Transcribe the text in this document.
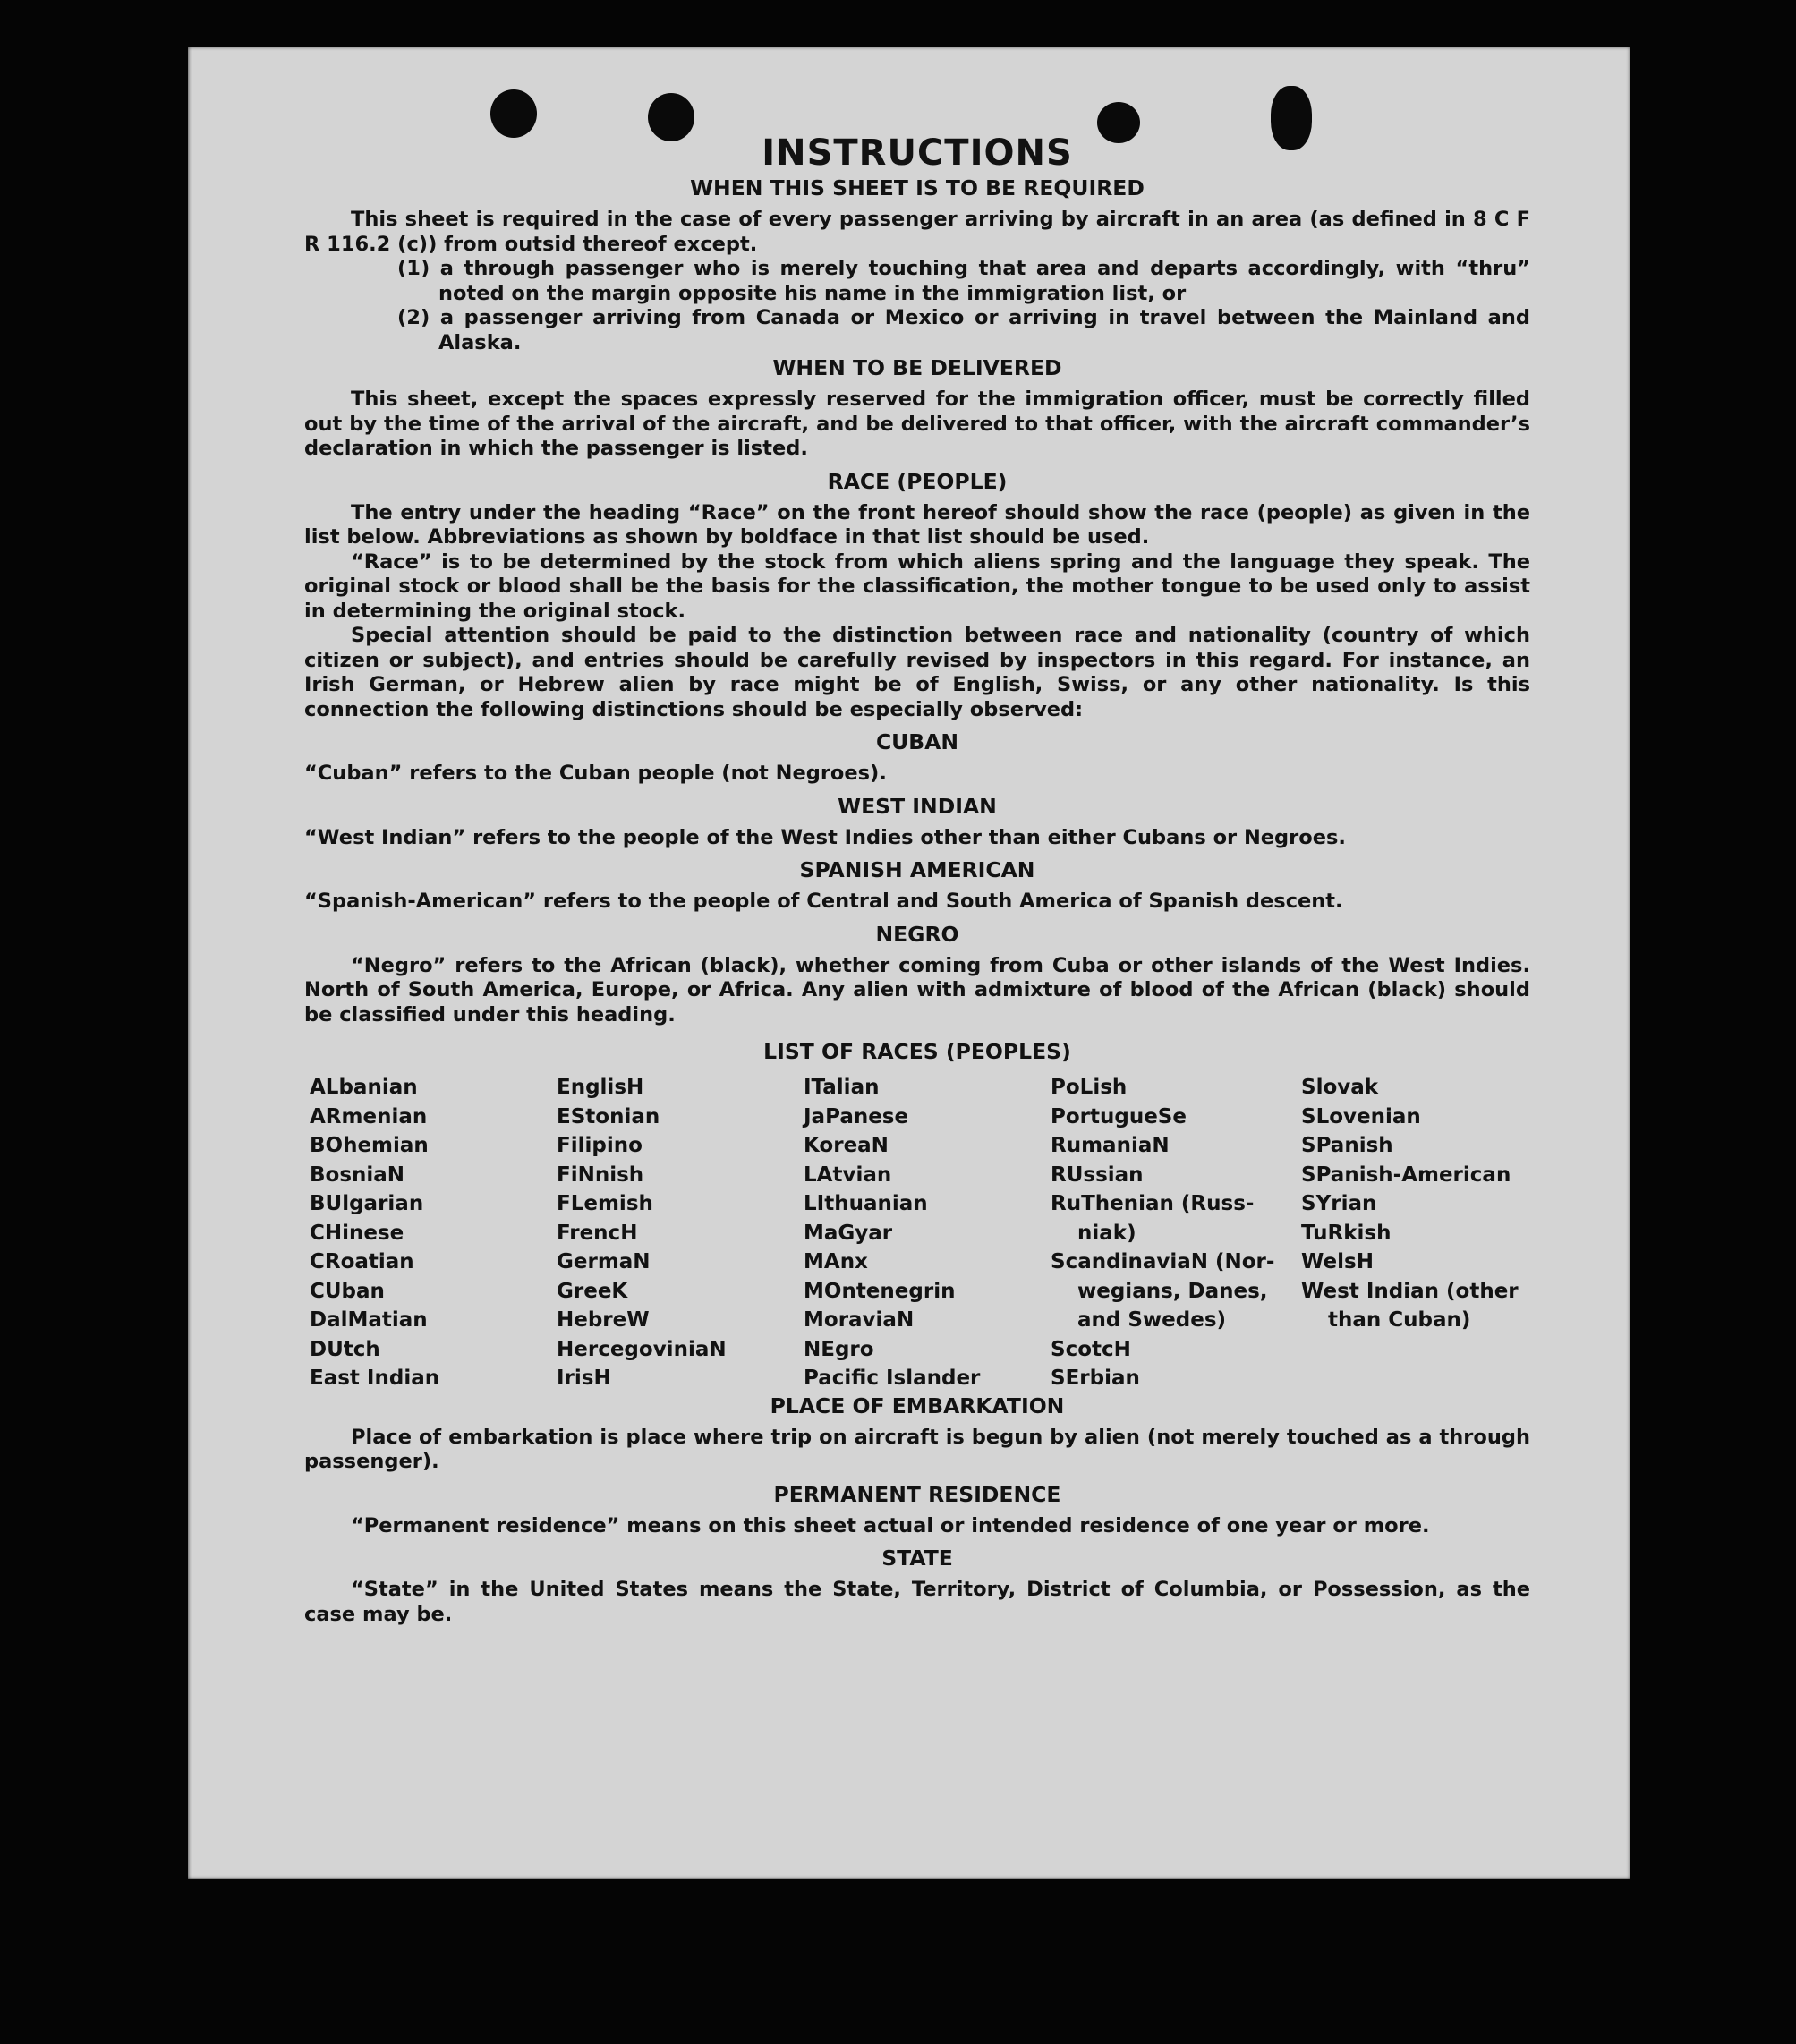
INSTRUCTIONS
WHEN THIS SHEET IS TO BE REQUIRED

This sheet is required in the case of every passenger arriving by aircraft in an area (as defined in 8 C F R 116.2 (c)) from outsid thereof except.

(1) a through passenger who is merely touching that area and departs accordingly, with “thru” noted on the margin opposite his name in the immigration list, or

(2) a passenger arriving from Canada or Mexico or arriving in travel between the Mainland and Alaska.

WHEN TO BE DELIVERED

This sheet, except the spaces expressly reserved for the immigration officer, must be correctly filled out by the time of the arrival of the aircraft, and be delivered to that officer, with the aircraft commander’s declaration in which the passenger is listed.

RACE (PEOPLE)

The entry under the heading “Race” on the front hereof should show the race (people) as given in the list below. Abbreviations as shown by boldface in that list should be used.

“Race” is to be determined by the stock from which aliens spring and the language they speak. The original stock or blood shall be the basis for the classification, the mother tongue to be used only to assist in determining the original stock.

Special attention should be paid to the distinction between race and nationality (country of which citizen or subject), and entries should be carefully revised by inspectors in this regard. For instance, an Irish German, or Hebrew alien by race might be of English, Swiss, or any other nationality. Is this connection the following distinctions should be especially observed:

CUBAN

“Cuban” refers to the Cuban people (not Negroes).

WEST INDIAN

“West Indian” refers to the people of the West Indies other than either Cubans or Negroes.

SPANISH AMERICAN

“Spanish-American” refers to the people of Central and South America of Spanish descent.

NEGRO

“Negro” refers to the African (black), whether coming from Cuba or other islands of the West Indies. North of South America, Europe, or Africa. Any alien with admixture of blood of the African (black) should be classified under this heading.

LIST OF RACES (PEOPLES)
ALbanian
ARmenian
BOhemian
BosniaN
BUlgarian
CHinese
CRoatian
CUban
DalMatian
DUtch
East Indian
EnglisH
EStonian
Filipino
FiNnish
FLemish
FrencH
GermaN
GreeK
HebreW
HercegoviniaN
IrisH
ITalian
JaPanese
KoreaN
LAtvian
LIthuanian
MaGyar
MAnx
MOntenegrin
MoraviaN
NEgro
Pacific Islander
PoLish
PortugueSe
RumaniaN
RUssian
RuThenian (Russ-
niak)
ScandinaviaN (Nor-
wegians, Danes,
and Swedes)
ScotcH
SErbian
Slovak
SLovenian
SPanish
SPanish-American
SYrian
TuRkish
WelsH
West Indian (other
than Cuban)
PLACE OF EMBARKATION

Place of embarkation is place where trip on aircraft is begun by alien (not merely touched as a through passenger).

PERMANENT RESIDENCE

“Permanent residence” means on this sheet actual or intended residence of one year or more.

STATE

“State” in the United States means the State, Territory, District of Columbia, or Possession, as the case may be.
